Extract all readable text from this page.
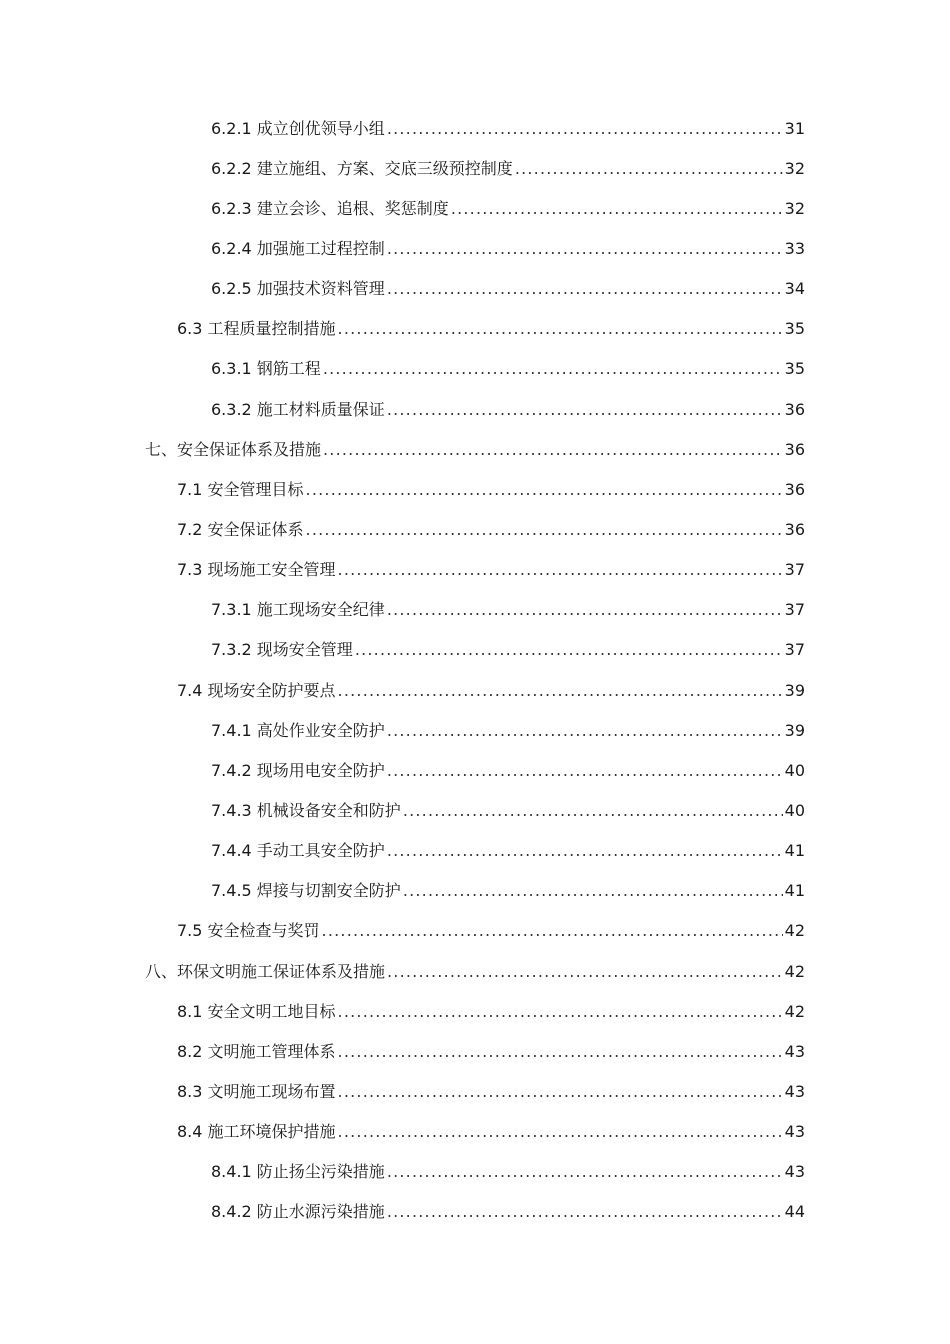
6.2.1 成立创优领导小组 .....	31
6.2.2 建立施组、方案、交底三级预控制度 .....	32
6.2.3 建立会诊、追根、奖惩制度 .....	32
6.2.4 加强施工过程控制 .....	33
6.2.5 加强技术资料管理 .....	34
6.3 工程质量控制措施 .....	35
6.3.1 钢筋工程 .....	35
6.3.2 施工材料质量保证 .....	36
七、安全保证体系及措施 .....	36
7.1 安全管理目标 .....	36
7.2 安全保证体系 .....	36
7.3 现场施工安全管理 .....	37
7.3.1 施工现场安全纪律 .....	37
7.3.2 现场安全管理 .....	37
7.4 现场安全防护要点 .....	39
7.4.1 高处作业安全防护 .....	39
7.4.2 现场用电安全防护 .....	40
7.4.3 机械设备安全和防护 .....	40
7.4.4 手动工具安全防护 .....	41
7.4.5 焊接与切割安全防护 .....	41
7.5 安全检查与奖罚 .....	42
八、环保文明施工保证体系及措施 .....	42
8.1 安全文明工地目标 .....	42
8.2 文明施工管理体系 .....	43
8.3 文明施工现场布置 .....	43
8.4 施工环境保护措施 .....	43
8.4.1 防止扬尘污染措施 .....	43
8.4.2 防止水源污染措施 .....	44
